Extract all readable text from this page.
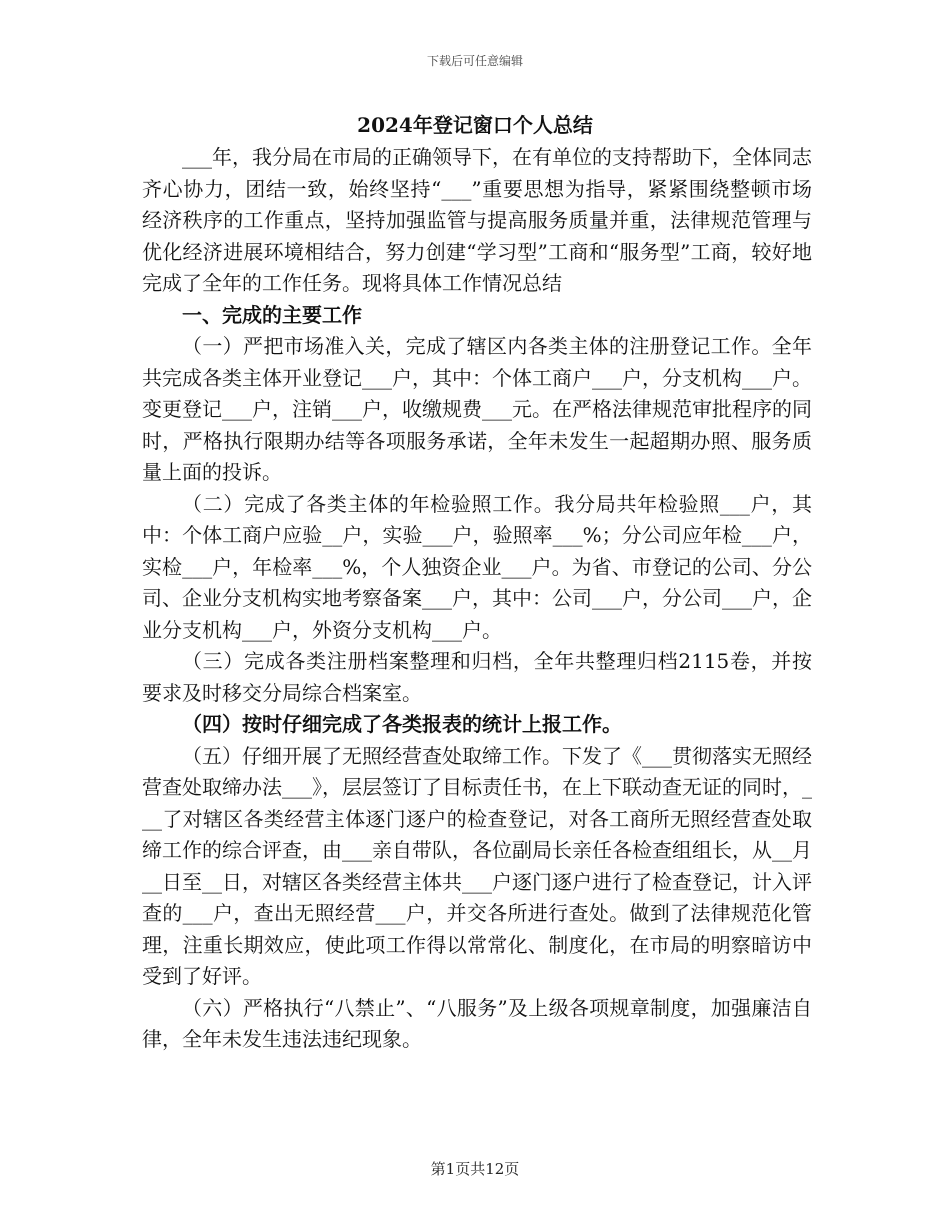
下载后可任意编辑
2024年登记窗口个人总结

___年，我分局在市局的正确领导下，在有单位的支持帮助下，全体同志齐心协力，团结一致，始终坚持“___”重要思想为指导，紧紧围绕整顿市场经济秩序的工作重点，坚持加强监管与提高服务质量并重，法律规范管理与优化经济进展环境相结合，努力创建“学习型”工商和“服务型”工商，较好地完成了全年的工作任务。现将具体工作情况总结

一、完成的主要工作

（一）严把市场准入关，完成了辖区内各类主体的注册登记工作。全年共完成各类主体开业登记___户，其中：个体工商户___户，分支机构___户。变更登记___户，注销___户，收缴规费___元。在严格法律规范审批程序的同时，严格执行限期办结等各项服务承诺，全年未发生一起超期办照、服务质量上面的投诉。

（二）完成了各类主体的年检验照工作。我分局共年检验照___户，其中：个体工商户应验__户，实验___户，验照率___%；分公司应年检___户，实检___户，年检率___%，个人独资企业___户。为省、市登记的公司、分公司、企业分支机构实地考察备案___户，其中：公司___户，分公司___户，企业分支机构___户，外资分支机构___户。

（三）完成各类注册档案整理和归档，全年共整理归档2115卷，并按要求及时移交分局综合档案室。

（四）按时仔细完成了各类报表的统计上报工作。

（五）仔细开展了无照经营查处取缔工作。下发了《___贯彻落实无照经营查处取缔办法___》，层层签订了目标责任书，在上下联动查无证的同时，___了对辖区各类经营主体逐门逐户的检查登记，对各工商所无照经营查处取缔工作的综合评查，由___亲自带队，各位副局长亲任各检查组组长，从__月__日至__日，对辖区各类经营主体共___户逐门逐户进行了检查登记，计入评查的___户，查出无照经营___户，并交各所进行查处。做到了法律规范化管理，注重长期效应，使此项工作得以常常化、制度化，在市局的明察暗访中受到了好评。

（六）严格执行“八禁止”、“八服务”及上级各项规章制度，加强廉洁自律，全年未发生违法违纪现象。

第1页共12页
